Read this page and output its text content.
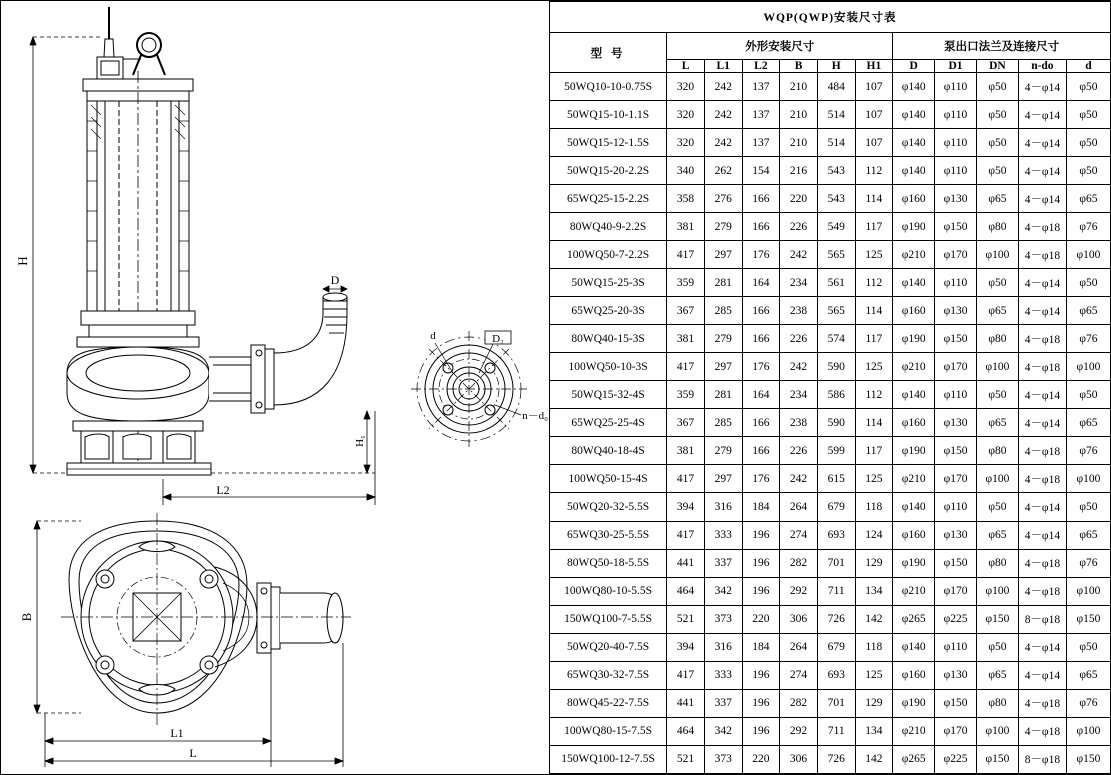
H
L2
H₁
D
d	D₂
n－d₀
B
L1
L
WQP(QWP)安装尺寸表											
型 号	外形安装尺寸						泵出口法兰及连接尺寸				
	L	L1	L2	B	H	H1	D	D1	DN	n-do	d
50WQ10-10-0.75S	320	242	137	210	484	107	φ140	φ110	φ50	4－φ14	φ50
50WQ15-10-1.1S	320	242	137	210	514	107	φ140	φ110	φ50	4－φ14	φ50
50WQ15-12-1.5S	320	242	137	210	514	107	φ140	φ110	φ50	4－φ14	φ50
50WQ15-20-2.2S	340	262	154	216	543	112	φ140	φ110	φ50	4－φ14	φ50
65WQ25-15-2.2S	358	276	166	220	543	114	φ160	φ130	φ65	4－φ14	φ65
80WQ40-9-2.2S	381	279	166	226	549	117	φ190	φ150	φ80	4－φ18	φ76
100WQ50-7-2.2S	417	297	176	242	565	125	φ210	φ170	φ100	4－φ18	φ100
50WQ15-25-3S	359	281	164	234	561	112	φ140	φ110	φ50	4－φ14	φ50
65WQ25-20-3S	367	285	166	238	565	114	φ160	φ130	φ65	4－φ14	φ65
80WQ40-15-3S	381	279	166	226	574	117	φ190	φ150	φ80	4－φ18	φ76
100WQ50-10-3S	417	297	176	242	590	125	φ210	φ170	φ100	4－φ18	φ100
50WQ15-32-4S	359	281	164	234	586	112	φ140	φ110	φ50	4－φ14	φ50
65WQ25-25-4S	367	285	166	238	590	114	φ160	φ130	φ65	4－φ14	φ65
80WQ40-18-4S	381	279	166	226	599	117	φ190	φ150	φ80	4－φ18	φ76
100WQ50-15-4S	417	297	176	242	615	125	φ210	φ170	φ100	4－φ18	φ100
50WQ20-32-5.5S	394	316	184	264	679	118	φ140	φ110	φ50	4－φ14	φ50
65WQ30-25-5.5S	417	333	196	274	693	124	φ160	φ130	φ65	4－φ14	φ65
80WQ50-18-5.5S	441	337	196	282	701	129	φ190	φ150	φ80	4－φ18	φ76
100WQ80-10-5.5S	464	342	196	292	711	134	φ210	φ170	φ100	4－φ18	φ100
150WQ100-7-5.5S	521	373	220	306	726	142	φ265	φ225	φ150	8－φ18	φ150
50WQ20-40-7.5S	394	316	184	264	679	118	φ140	φ110	φ50	4－φ14	φ50
65WQ30-32-7.5S	417	333	196	274	693	125	φ160	φ130	φ65	4－φ14	φ65
80WQ45-22-7.5S	441	337	196	282	701	129	φ190	φ150	φ80	4－φ18	φ76
100WQ80-15-7.5S	464	342	196	292	711	134	φ210	φ170	φ100	4－φ18	φ100
150WQ100-12-7.5S	521	373	220	306	726	142	φ265	φ225	φ150	8－φ18	φ150
